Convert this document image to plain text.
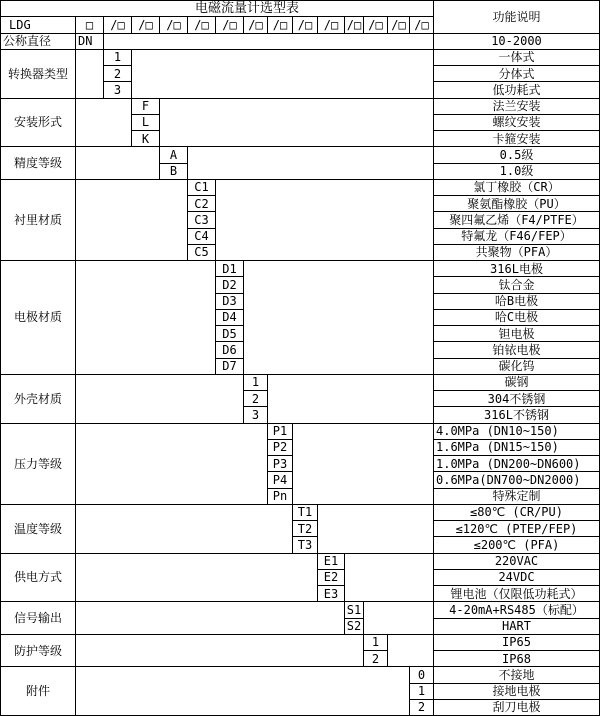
电磁流量计选型表
功能说明
LDG	□	/□	/□	/□	/□	/□ /□ /□ /□ /□ /□ /□ /□ /□
公称直径	DN	10-2000
转换器类型
1	一体式
2	分体式
3	低功耗式
安装形式
F	法兰安装
L	螺纹安装
K	卡箍安装
精度等级
A	0.5级
B	1.0级
衬里材质
C1	氯丁橡胶（CR）
C2	聚氨酯橡胶（PU）
C3	聚四氟乙烯（F4/PTFE）
C4	特氟龙（F46/FEP）
C5	共聚物（PFA）
电极材质
D1	316L电极
D2	钛合金
D3	哈B电极
D4	哈C电极
D5	钽电极
D6	铂铱电极
D7	碳化钨
外壳材质
1	碳钢
2	304不锈钢
3	316L不锈钢
压力等级
P1	4.0MPa (DN10~150)
P2	1.6MPa (DN15~150)
P3	1.0MPa (DN200~DN600)
P4	0.6MPa(DN700~DN2000)
Pn	特殊定制
温度等级
T1	≤80℃ (CR/PU)
T2	≤120℃ (PTEP/FEP)
T3	≤200℃ (PFA)
供电方式
E1	220VAC
E2	24VDC
E3	锂电池（仅限低功耗式）
信号输出
S1	4-20mA+RS485（标配）
S2	HART
防护等级
1	IP65
2	IP68
附件
0	不接地
1	接地电极
2	刮刀电极
